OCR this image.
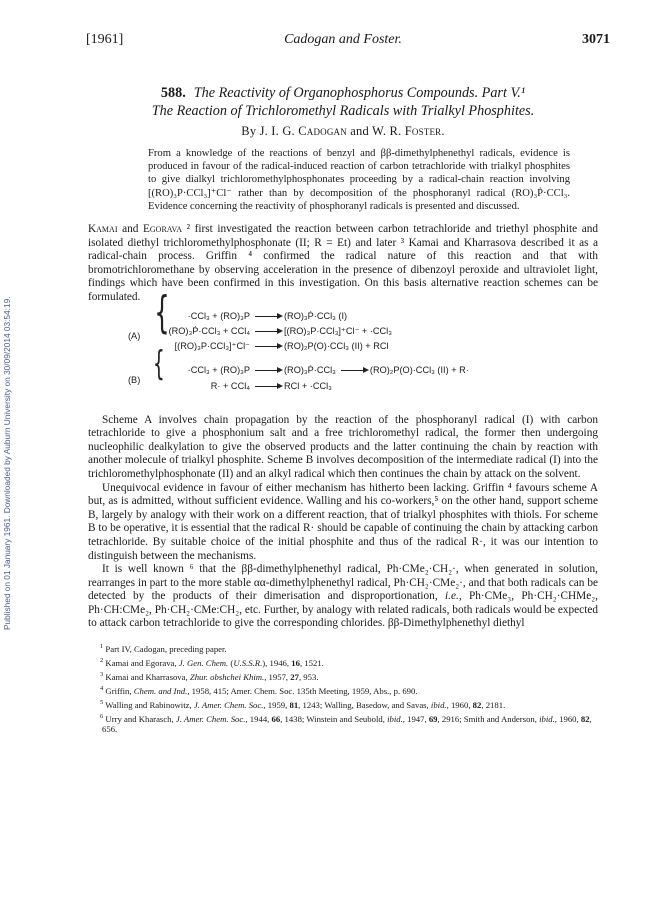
Published on 01 January 1961. Downloaded by Auburn University on 30/09/2014 03:54:19.
[1961]	Cadogan and Foster.	3071
588. The Reactivity of Organophosphorus Compounds. Part V.¹
The Reaction of Trichloromethyl Radicals with Trialkyl Phosphites.
By J. I. G. Cadogan and W. R. Foster.
From a knowledge of the reactions of benzyl and ββ-dimethylphenethyl radicals, evidence is produced in favour of the radical-induced reaction of carbon tetrachloride with trialkyl phosphites to give dialkyl trichloromethylphosphonates proceeding by a radical-chain reaction involving [(RO)₃P·CCl₃]⁺Cl⁻ rather than by decomposition of the phosphoranyl radical (RO)₃Ṗ·CCl₃. Evidence concerning the reactivity of phosphoranyl radicals is presented and discussed.

Kamai and Egorava ² first investigated the reaction between carbon tetrachloride and triethyl phosphite and isolated diethyl trichloromethylphosphonate (II; R = Et) and later ³ Kamai and Kharrasova described it as a radical-chain process. Griffin ⁴ confirmed the radical nature of this reaction and that with bromotrichloromethane by observing acceleration in the presence of dibenzoyl peroxide and ultraviolet light, findings which have been confirmed in this investigation. On this basis alternative reaction schemes can be formulated.

(A) {	·CCl₃ + (RO)₃P	(RO)₃Ṗ·CCl₃ (I)
(RO)₃Ṗ·CCl₃ + CCl₄	[(RO)₃P·CCl₃]⁺Cl⁻ + ·CCl₃
[(RO)₃P·CCl₃]⁺Cl⁻	(RO)₂P(O)·CCl₃ (II) + RCl
(B) {	·CCl₃ + (RO)₃P	(RO)₃Ṗ·CCl₃	(RO)₂P(O)·CCl₃ (II) + R·
R· + CCl₄	RCl + ·CCl₃

Scheme A involves chain propagation by the reaction of the phosphoranyl radical (I) with carbon tetrachloride to give a phosphonium salt and a free trichloromethyl radical, the former then undergoing nucleophilic dealkylation to give the observed products and the latter continuing the chain by reaction with another molecule of trialkyl phosphite. Scheme B involves decomposition of the intermediate radical (I) into the trichloromethylphosphonate (II) and an alkyl radical which then continues the chain by attack on the solvent.

Unequivocal evidence in favour of either mechanism has hitherto been lacking. Griffin ⁴ favours scheme A but, as is admitted, without sufficient evidence. Walling and his co-workers,⁵ on the other hand, support scheme B, largely by analogy with their work on a different reaction, that of trialkyl phosphites with thiols. For scheme B to be operative, it is essential that the radical R· should be capable of continuing the chain by attacking carbon tetrachloride. By suitable choice of the initial phosphite and thus of the radical R·, it was our intention to distinguish between the mechanisms.

It is well known ⁶ that the ββ-dimethylphenethyl radical, Ph·CMe₂·CH₂·, when generated in solution, rearranges in part to the more stable αα-dimethylphenethyl radical, Ph·CH₂·CMe₂·, and that both radicals can be detected by the products of their dimerisation and disproportionation, i.e., Ph·CMe₃, Ph·CH₂·CHMe₂, Ph·CH:CMe₂, Ph·CH₂·CMe:CH₂, etc. Further, by analogy with related radicals, both radicals would be expected to attack carbon tetrachloride to give the corresponding chlorides. ββ-Dimethylphenethyl diethyl

$^1$ Part IV, Cadogan, preceding paper.
$^2$ Kamai and Egorava, J. Gen. Chem. (U.S.S.R.), 1946, 16, 1521.
$^3$ Kamai and Kharrasova, Zhur. obshchei Khim., 1957, 27, 953.
$^4$ Griffin, Chem. and Ind., 1958, 415; Amer. Chem. Soc. 135th Meeting, 1959, Abs., p. 690.
$^5$ Walling and Rabinowitz, J. Amer. Chem. Soc., 1959, 81, 1243; Walling, Basedow, and Savas, ibid., 1960, 82, 2181.
$^6$ Urry and Kharasch, J. Amer. Chem. Soc., 1944, 66, 1438; Winstein and Seubold, ibid., 1947, 69, 2916; Smith and Anderson, ibid., 1960, 82, 656.
